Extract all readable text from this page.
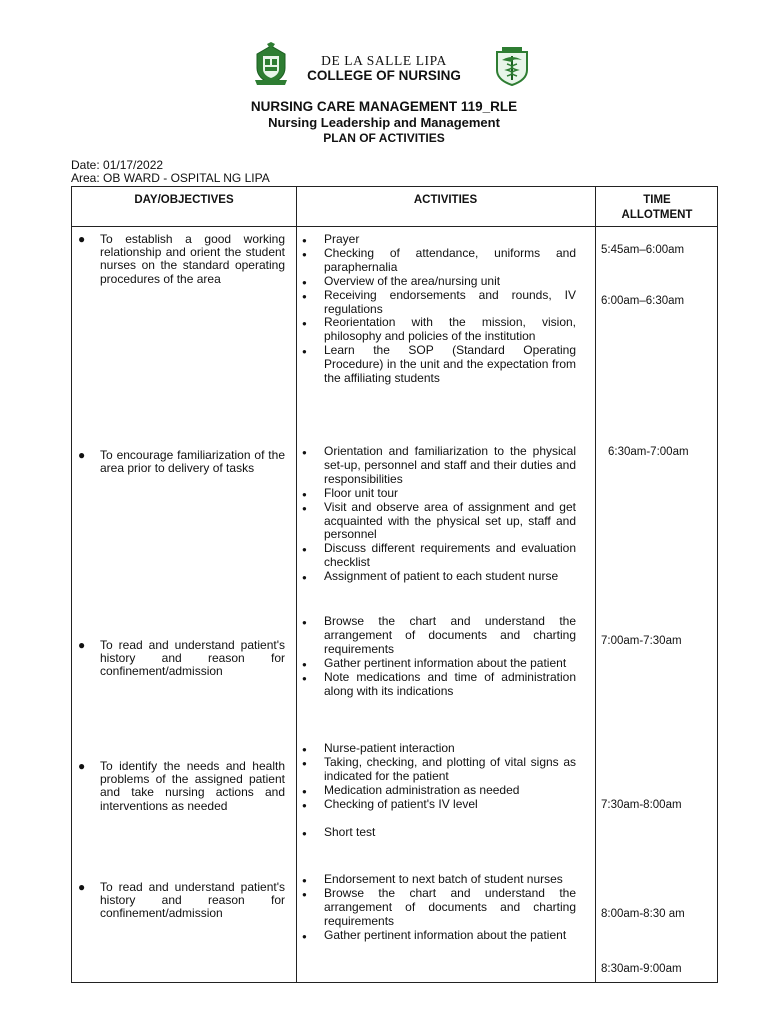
DE LA SALLE LIPA
COLLEGE OF NURSING
NURSING CARE MANAGEMENT 119_RLE
Nursing Leadership and Management
PLAN OF ACTIVITIES
Date: 01/17/2022
Area: OB WARD - OSPITAL NG LIPA
DAY/OBJECTIVES	ACTIVITIES	TIME
ALLOTMENT
● To establish a good working relationship and orient the student nurses on the standard operating procedures of the area
● Prayer
● Checking of attendance, uniforms and paraphernalia
● Overview of the area/nursing unit
● Receiving endorsements and rounds, IV regulations
● Reorientation with the mission, vision, philosophy and policies of the institution
● Learn the SOP (Standard Operating Procedure) in the unit and the expectation from the affiliating students
5:45am–6:00am
6:00am–6:30am
● To encourage familiarization of the area prior to delivery of tasks
● Orientation and familiarization to the physical set-up, personnel and staff and their duties and responsibilities
● Floor unit tour
● Visit and observe area of assignment and get acquainted with the physical set up, staff and personnel
● Discuss different requirements and evaluation checklist
● Assignment of patient to each student nurse
6:30am-7:00am
● To read and understand patient's history and reason for confinement/admission
● Browse the chart and understand the arrangement of documents and charting requirements
● Gather pertinent information about the patient
● Note medications and time of administration along with its indications
7:00am-7:30am
● To identify the needs and health problems of the assigned patient and take nursing actions and interventions as needed
● Nurse-patient interaction
● Taking, checking, and plotting of vital signs as indicated for the patient
● Medication administration as needed
● Checking of patient's IV level
● Short test
7:30am-8:00am
● To read and understand patient's history and reason for confinement/admission
● Endorsement to next batch of student nurses
● Browse the chart and understand the arrangement of documents and charting requirements
● Gather pertinent information about the patient
8:00am-8:30 am
8:30am-9:00am
